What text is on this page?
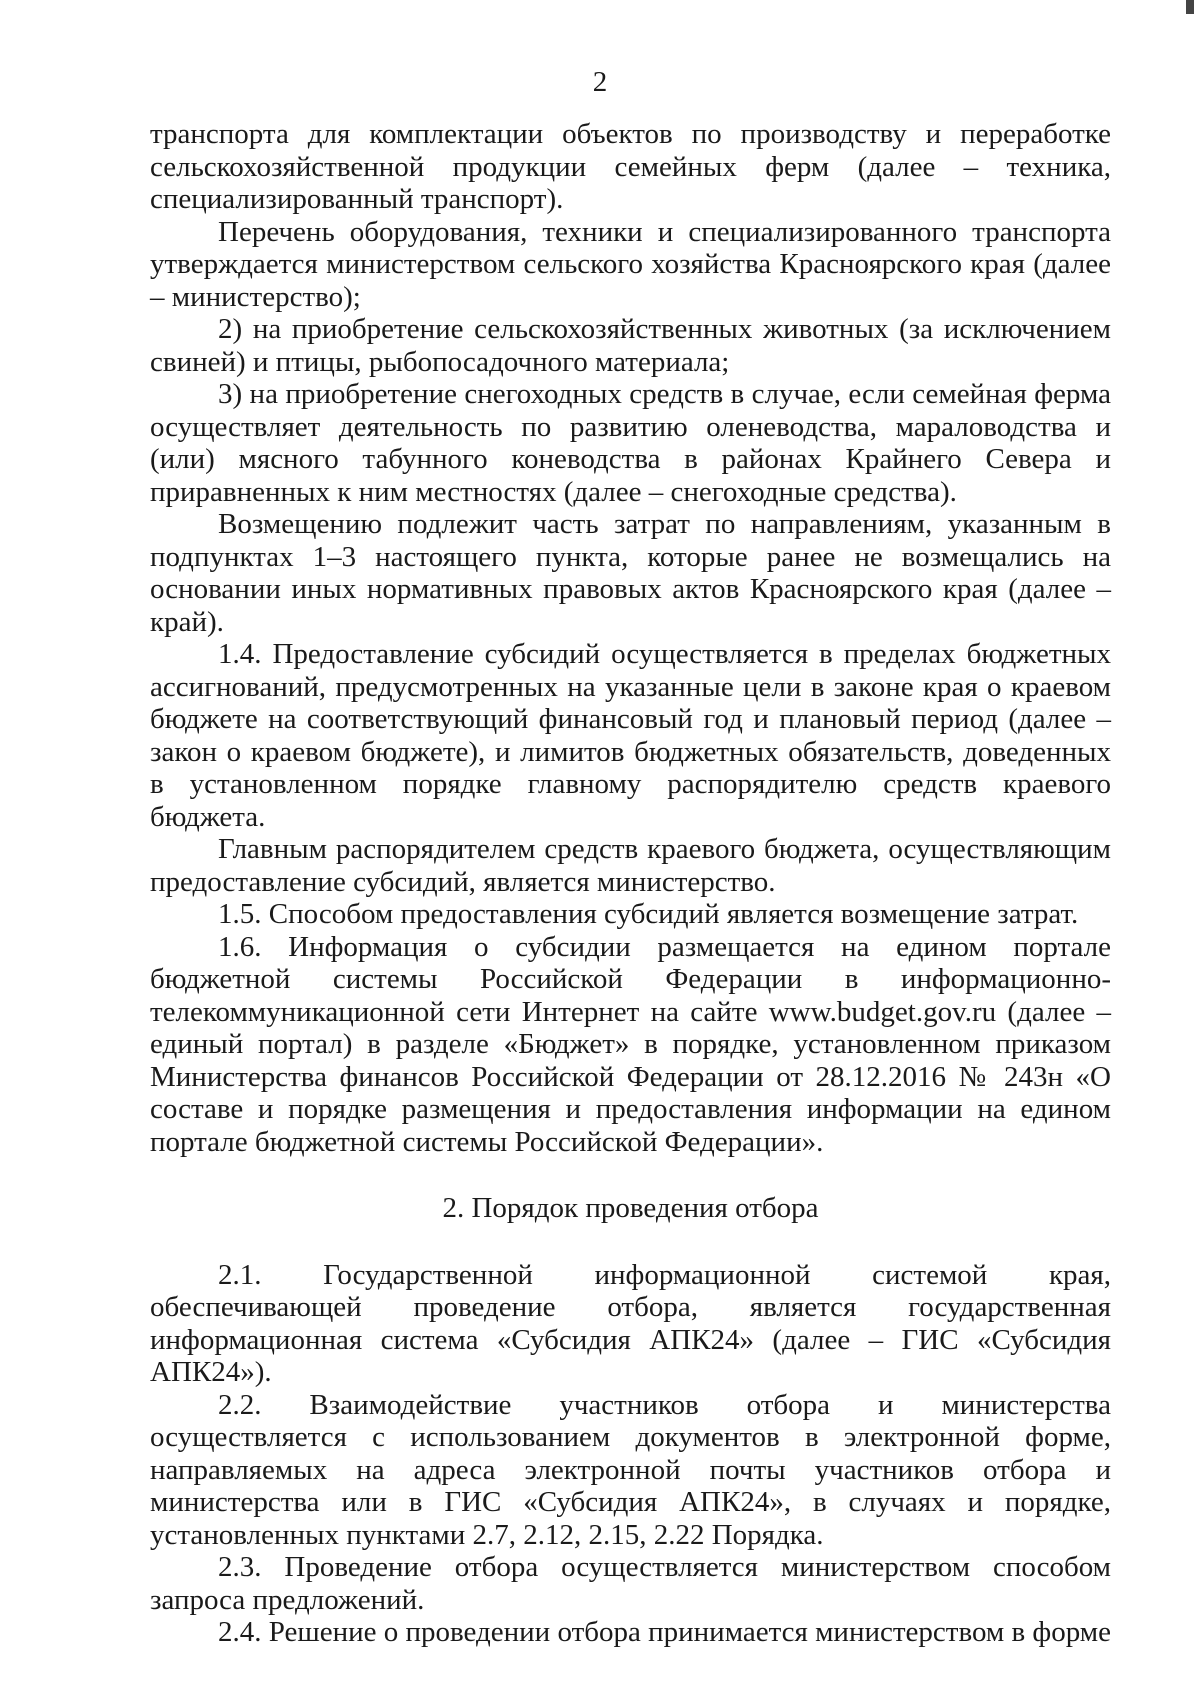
2

транспорта для комплектации объектов по производству и переработке сельскохозяйственной продукции семейных ферм (далее – техника, специализированный транспорт).

Перечень оборудования, техники и специализированного транспорта утверждается министерством сельского хозяйства Красноярского края (далее – министерство);

2) на приобретение сельскохозяйственных животных (за исключением свиней) и птицы, рыбопосадочного материала;

3) на приобретение снегоходных средств в случае, если семейная ферма осуществляет деятельность по развитию оленеводства, мараловодства и (или) мясного табунного коневодства в районах Крайнего Севера и приравненных к ним местностях (далее – снегоходные средства).

Возмещению подлежит часть затрат по направлениям, указанным в подпунктах 1–3 настоящего пункта, которые ранее не возмещались на основании иных нормативных правовых актов Красноярского края (далее – край).

1.4. Предоставление субсидий осуществляется в пределах бюджетных ассигнований, предусмотренных на указанные цели в законе края о краевом бюджете на соответствующий финансовый год и плановый период (далее – закон о краевом бюджете), и лимитов бюджетных обязательств, доведенных в установленном порядке главному распорядителю средств краевого бюджета.

Главным распорядителем средств краевого бюджета, осуществляющим предоставление субсидий, является министерство.

1.5. Способом предоставления субсидий является возмещение затрат.

1.6. Информация о субсидии размещается на едином портале бюджетной системы Российской Федерации в информационно-телекоммуникационной сети Интернет на сайте www.budget.gov.ru (далее – единый портал) в разделе «Бюджет» в порядке, установленном приказом Министерства финансов Российской Федерации от 28.12.2016 № 243н «О составе и порядке размещения и предоставления информации на едином портале бюджетной системы Российской Федерации».

2. Порядок проведения отбора

2.1. Государственной информационной системой края, обеспечивающей проведение отбора, является государственная информационная система «Субсидия АПК24» (далее – ГИС «Субсидия АПК24»).

2.2. Взаимодействие участников отбора и министерства осуществляется с использованием документов в электронной форме, направляемых на адреса электронной почты участников отбора и министерства или в ГИС «Субсидия АПК24», в случаях и порядке, установленных пунктами 2.7, 2.12, 2.15, 2.22 Порядка.

2.3. Проведение отбора осуществляется министерством способом запроса предложений.

2.4. Решение о проведении отбора принимается министерством в форме
